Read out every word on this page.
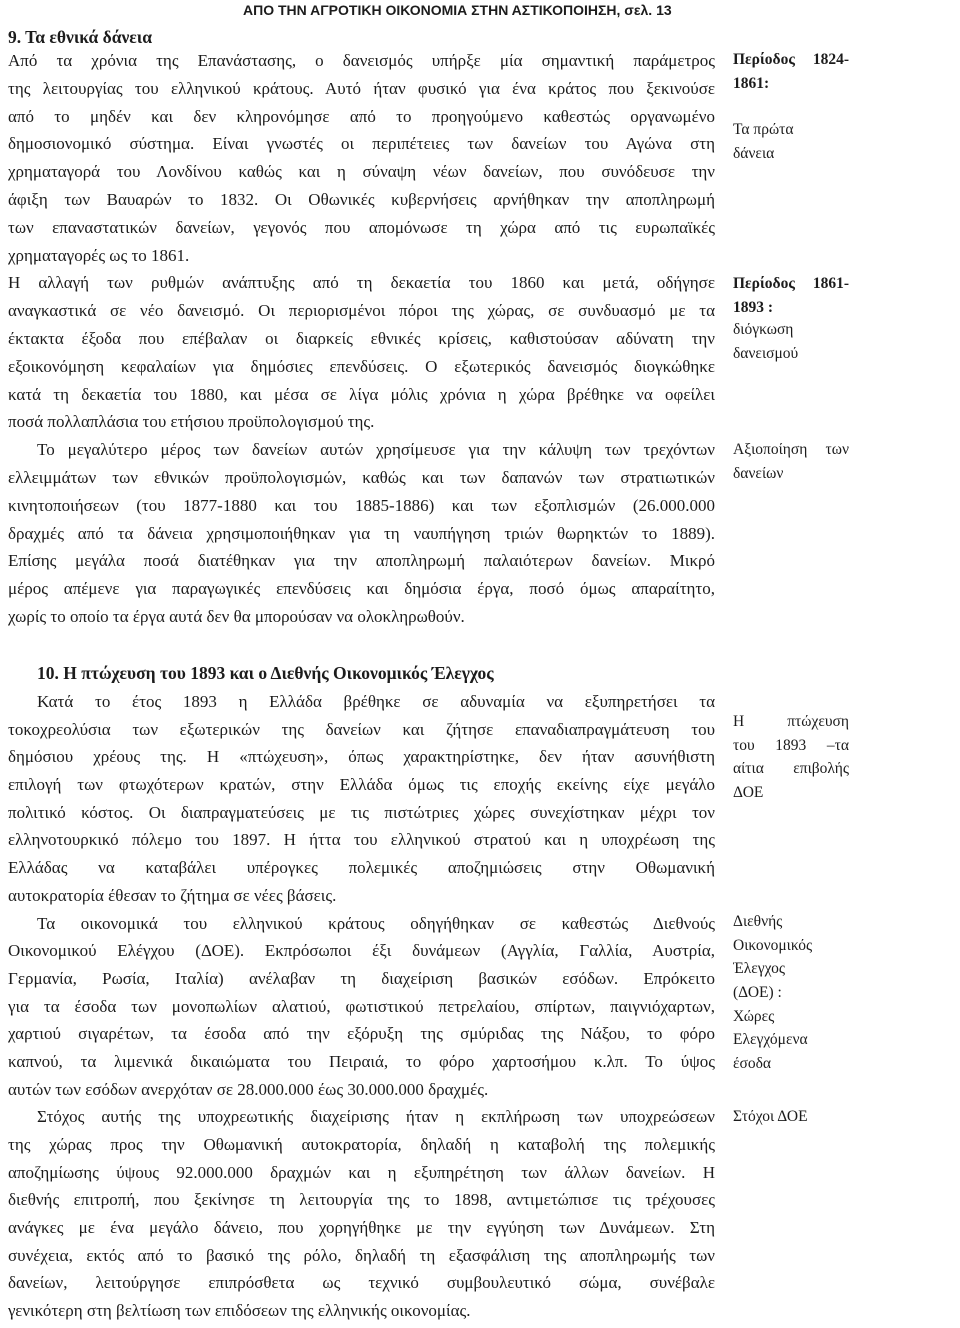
ΑΠΟ ΤΗΝ ΑΓΡΟΤΙΚΗ ΟΙΚΟΝΟΜΙΑ ΣΤΗΝ ΑΣΤΙΚΟΠΟΙΗΣΗ, σελ. 13
9. Τα εθνικά δάνεια
Από τα χρόνια της Επανάστασης, ο δανεισμός υπήρξε μία σημαντική παράμετρος
της λειτουργίας του ελληνικού κράτους. Αυτό ήταν φυσικό για ένα κράτος που ξεκινούσε
από το μηδέν και δεν κληρονόμησε από το προηγούμενο καθεστώς οργανωμένο
δημοσιονομικό σύστημα. Είναι γνωστές οι περιπέτειες των δανείων του Αγώνα στη
χρηματαγορά του Λονδίνου καθώς και η σύναψη νέων δανείων, που συνόδευσε την
άφιξη των Βαυαρών το 1832. Οι Οθωνικές κυβερνήσεις αρνήθηκαν την αποπληρωμή
των επαναστατικών δανείων, γεγονός που απομόνωσε τη χώρα από τις ευρωπαϊκές
χρηματαγορές ως το 1861.
Η αλλαγή των ρυθμών ανάπτυξης από τη δεκαετία του 1860 και μετά, οδήγησε
αναγκαστικά σε νέο δανεισμό. Οι περιορισμένοι πόροι της χώρας, σε συνδυασμό με τα
έκτακτα έξοδα που επέβαλαν οι διαρκείς εθνικές κρίσεις, καθιστούσαν αδύνατη την
εξοικονόμηση κεφαλαίων για δημόσιες επενδύσεις. Ο εξωτερικός δανεισμός διογκώθηκε
κατά τη δεκαετία του 1880, και μέσα σε λίγα μόλις χρόνια η χώρα βρέθηκε να οφείλει
ποσά πολλαπλάσια του ετήσιου προϋπολογισμού της.
Το μεγαλύτερο μέρος των δανείων αυτών χρησίμευσε για την κάλυψη των τρεχόντων
ελλειμμάτων των εθνικών προϋπολογισμών, καθώς και των δαπανών των στρατιωτικών
κινητοποιήσεων (του 1877-1880 και του 1885-1886) και των εξοπλισμών (26.000.000
δραχμές από τα δάνεια χρησιμοποιήθηκαν για τη ναυπήγηση τριών θωρηκτών το 1889).
Επίσης μεγάλα ποσά διατέθηκαν για την αποπληρωμή παλαιότερων δανείων. Μικρό
μέρος απέμενε για παραγωγικές επενδύσεις και δημόσια έργα, ποσό όμως απαραίτητο,
χωρίς το οποίο τα έργα αυτά δεν θα μπορούσαν να ολοκληρωθούν.
Περίοδος 1824-
1861:
Τα πρώτα
δάνεια
Περίοδος 1861-
1893 :
διόγκωση
δανεισμού
Αξιοποίηση των
δανείων
10. Η πτώχευση του 1893 και ο Διεθνής Οικονομικός Έλεγχος
Κατά το έτος 1893 η Ελλάδα βρέθηκε σε αδυναμία να εξυπηρετήσει τα
τοκοχρεολύσια των εξωτερικών της δανείων και ζήτησε επαναδιαπραγμάτευση του
δημόσιου χρέους της. Η «πτώχευση», όπως χαρακτηρίστηκε, δεν ήταν ασυνήθιστη
επιλογή των φτωχότερων κρατών, στην Ελλάδα όμως τις εποχής εκείνης είχε μεγάλο
πολιτικό κόστος. Οι διαπραγματεύσεις με τις πιστώτριες χώρες συνεχίστηκαν μέχρι τον
ελληνοτουρκικό πόλεμο του 1897. Η ήττα του ελληνικού στρατού και η υποχρέωση της
Ελλάδας να καταβάλει υπέρογκες πολεμικές αποζημιώσεις στην Οθωμανική
αυτοκρατορία έθεσαν το ζήτημα σε νέες βάσεις.
Τα οικονομικά του ελληνικού κράτους οδηγήθηκαν σε καθεστώς Διεθνούς
Οικονομικού Ελέγχου (ΔΟΕ). Εκπρόσωποι έξι δυνάμεων (Αγγλία, Γαλλία, Αυστρία,
Γερμανία, Ρωσία, Ιταλία) ανέλαβαν τη διαχείριση βασικών εσόδων. Επρόκειτο
για τα έσοδα των μονοπωλίων αλατιού, φωτιστικού πετρελαίου, σπίρτων, παιγνιόχαρτων,
χαρτιού σιγαρέτων, τα έσοδα από την εξόρυξη της σμύριδας της Νάξου, το φόρο
καπνού, τα λιμενικά δικαιώματα του Πειραιά, το φόρο χαρτοσήμου κ.λπ. Το ύψος
αυτών των εσόδων ανερχόταν σε 28.000.000 έως 30.000.000 δραχμές.
Στόχος αυτής της υποχρεωτικής διαχείρισης ήταν η εκπλήρωση των υποχρεώσεων
της χώρας προς την Οθωμανική αυτοκρατορία, δηλαδή η καταβολή της πολεμικής
αποζημίωσης ύψους 92.000.000 δραχμών και η εξυπηρέτηση των άλλων δανείων. Η
διεθνής επιτροπή, που ξεκίνησε τη λειτουργία της το 1898, αντιμετώπισε τις τρέχουσες
ανάγκες με ένα μεγάλο δάνειο, που χορηγήθηκε με την εγγύηση των Δυνάμεων. Στη
συνέχεια, εκτός από το βασικό της ρόλο, δηλαδή τη εξασφάλιση της αποπληρωμής των
δανείων, λειτούργησε επιπρόσθετα ως τεχνικό συμβουλευτικό σώμα, συνέβαλε
γενικότερη στη βελτίωση των επιδόσεων της ελληνικής οικονομίας.
Η πτώχευση
του 1893 –τα
αίτια επιβολής
ΔΟΕ
Διεθνής
Οικονομικός
Έλεγχος
(ΔΟΕ) :
Χώρες
Ελεγχόμενα
έσοδα
Στόχοι ΔΟΕ
